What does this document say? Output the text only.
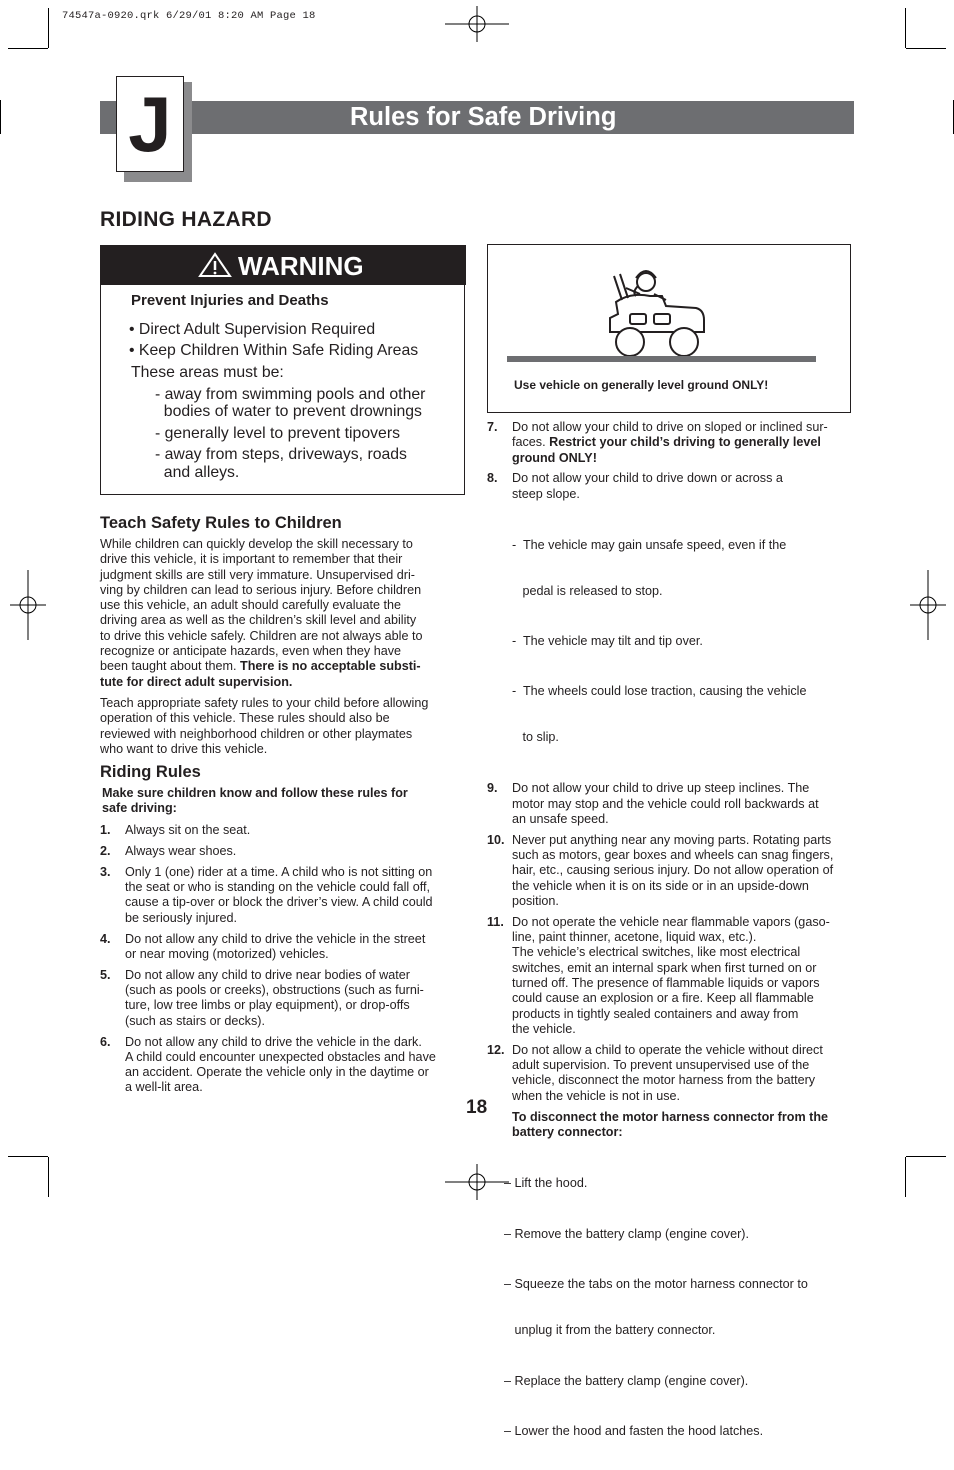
74547a-0920.qrk 6/29/01 8:20 AM Page 18
J	Rules for Safe Driving
RIDING HAZARD
WARNING
Prevent Injuries and Deaths
• Direct Adult Supervision Required
• Keep Children Within Safe Riding Areas
These areas must be:
- away from swimming pools and other
bodies of water to prevent drownings
- generally level to prevent tipovers
- away from steps, driveways, roads
and alleys.
Use vehicle on generally level ground ONLY!
Teach Safety Rules to Children
While children can quickly develop the skill necessary to
drive this vehicle, it is important to remember that their
judgment skills are still very immature. Unsupervised dri-
ving by children can lead to serious injury. Before children
use this vehicle, an adult should carefully evaluate the
driving area as well as the children’s skill level and ability
to drive this vehicle safely. Children are not always able to
recognize or anticipate hazards, even when they have
been taught about them. There is no acceptable substi-
tute for direct adult supervision.
Teach appropriate safety rules to your child before allowing
operation of this vehicle. These rules should also be
reviewed with neighborhood children or other playmates
who want to drive this vehicle.
Riding Rules
Make sure children know and follow these rules for
safe driving:
1. Always sit on the seat.
2. Always wear shoes.
3. Only 1 (one) rider at a time. A child who is not sitting on
the seat or who is standing on the vehicle could fall off,
cause a tip-over or block the driver’s view. A child could
be seriously injured.
4. Do not allow any child to drive the vehicle in the street
or near moving (motorized) vehicles.
5. Do not allow any child to drive near bodies of water
(such as pools or creeks), obstructions (such as furni-
ture, low tree limbs or play equipment), or drop-offs
(such as stairs or decks).
6. Do not allow any child to drive the vehicle in the dark.
A child could encounter unexpected obstacles and have
an accident. Operate the vehicle only in the daytime or
a well-lit area.
7. Do not allow your child to drive on sloped or inclined sur-
faces. Restrict your child’s driving to generally level
ground ONLY!
8. Do not allow your child to drive down or across a
steep slope.

-  The vehicle may gain unsafe speed, even if the

pedal is released to stop.

-  The vehicle may tilt and tip over.

-  The wheels could lose traction, causing the vehicle

to slip.

9. Do not allow your child to drive up steep inclines. The
motor may stop and the vehicle could roll backwards at
an unsafe speed.
10. Never put anything near any moving parts. Rotating parts
such as motors, gear boxes and wheels can snag fingers,
hair, etc., causing serious injury. Do not allow operation of
the vehicle when it is on its side or in an upside-down
position.
11. Do not operate the vehicle near flammable vapors (gaso-
line, paint thinner, acetone, liquid wax, etc.).
The vehicle’s electrical switches, like most electrical
switches, emit an internal spark when first turned on or
turned off. The presence of flammable liquids or vapors
could cause an explosion or a fire. Keep all flammable
products in tightly sealed containers and away from
the vehicle.
12. Do not allow a child to operate the vehicle without direct
adult supervision. To prevent unsupervised use of the
vehicle, disconnect the motor harness from the battery
when the vehicle is not in use.
To disconnect the motor harness connector from the
battery connector:

– Lift the hood.

– Remove the battery clamp (engine cover).

– Squeeze the tabs on the motor harness connector to

unplug it from the battery connector.

– Replace the battery clamp (engine cover).

– Lower the hood and fasten the hood latches.

18
